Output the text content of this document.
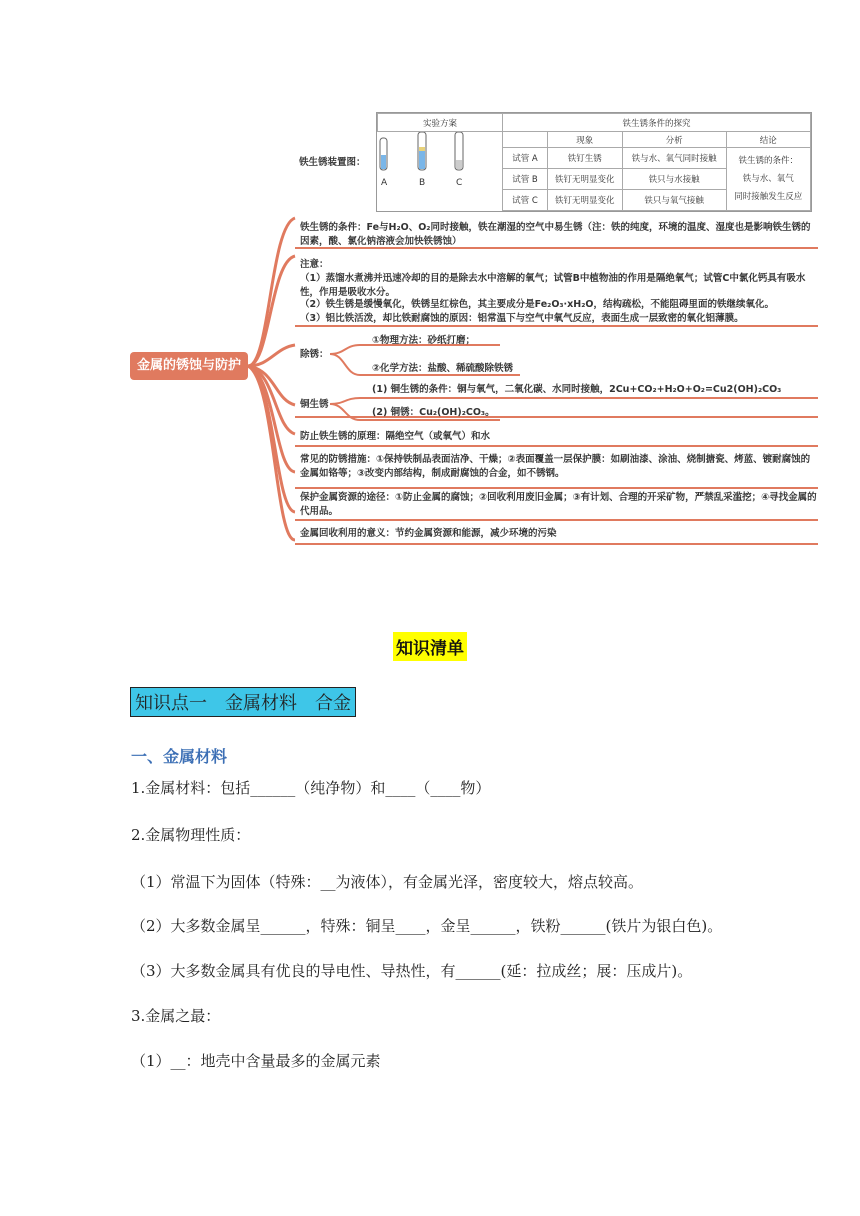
金属的锈蚀与防护
铁生锈装置图：
A	B	C
实验方案	铁生锈条件的探究			
		现象	分析	结论
	试管 A	铁钉生锈	铁与水、氧气同时接触	铁生锈的条件：
铁与水、氧气
同时接触发生反应

	试管 B	铁钉无明显变化	铁只与水接触	
	试管 C	铁钉无明显变化	铁只与氧气接触	
铁生锈的条件：Fe与H₂O、O₂同时接触，铁在潮湿的空气中易生锈（注：铁的纯度，环境的温度、湿度也是影响铁生锈的因素，酸、氯化钠溶液会加快铁锈蚀）
注意：
（1）蒸馏水煮沸并迅速冷却的目的是除去水中溶解的氧气；试管B中植物油的作用是隔绝氧气；试管C中氯化钙具有吸水性，作用是吸收水分。
（2）铁生锈是缓慢氧化，铁锈呈红棕色，其主要成分是Fe₂O₃·xH₂O，结构疏松，不能阻碍里面的铁继续氧化。
（3）铝比铁活泼，却比铁耐腐蚀的原因：铝常温下与空气中氧气反应，表面生成一层致密的氧化铝薄膜。
除锈：
①物理方法：砂纸打磨；
②化学方法：盐酸、稀硫酸除铁锈
铜生锈
(1) 铜生锈的条件：铜与氧气，二氧化碳、水同时接触，2Cu+CO₂+H₂O+O₂=Cu2(OH)₂CO₃
(2) 铜锈：Cu₂(OH)₂CO₃。
防止铁生锈的原理：隔绝空气（或氧气）和水
常见的防锈措施：①保持铁制品表面洁净、干燥；②表面覆盖一层保护膜：如刷油漆、涂油、烧制搪瓷、烤蓝、镀耐腐蚀的金属如铬等；③改变内部结构，制成耐腐蚀的合金，如不锈钢。
保护金属资源的途径：①防止金属的腐蚀；②回收利用废旧金属；③有计划、合理的开采矿物，严禁乱采滥挖；④寻找金属的代用品。
金属回收利用的意义：节约金属资源和能源，减少环境的污染
知识清单
知识点一　金属材料　合金
一、金属材料
1.金属材料：包括______（纯净物）和____（____物）
2.金属物理性质：
（1）常温下为固体（特殊：__为液体），有金属光泽，密度较大，熔点较高。
（2）大多数金属呈______，特殊：铜呈____，金呈______，铁粉______(铁片为银白色)。
（3）大多数金属具有优良的导电性、导热性，有______(延：拉成丝；展：压成片)。
3.金属之最：
（1）__：地壳中含量最多的金属元素
